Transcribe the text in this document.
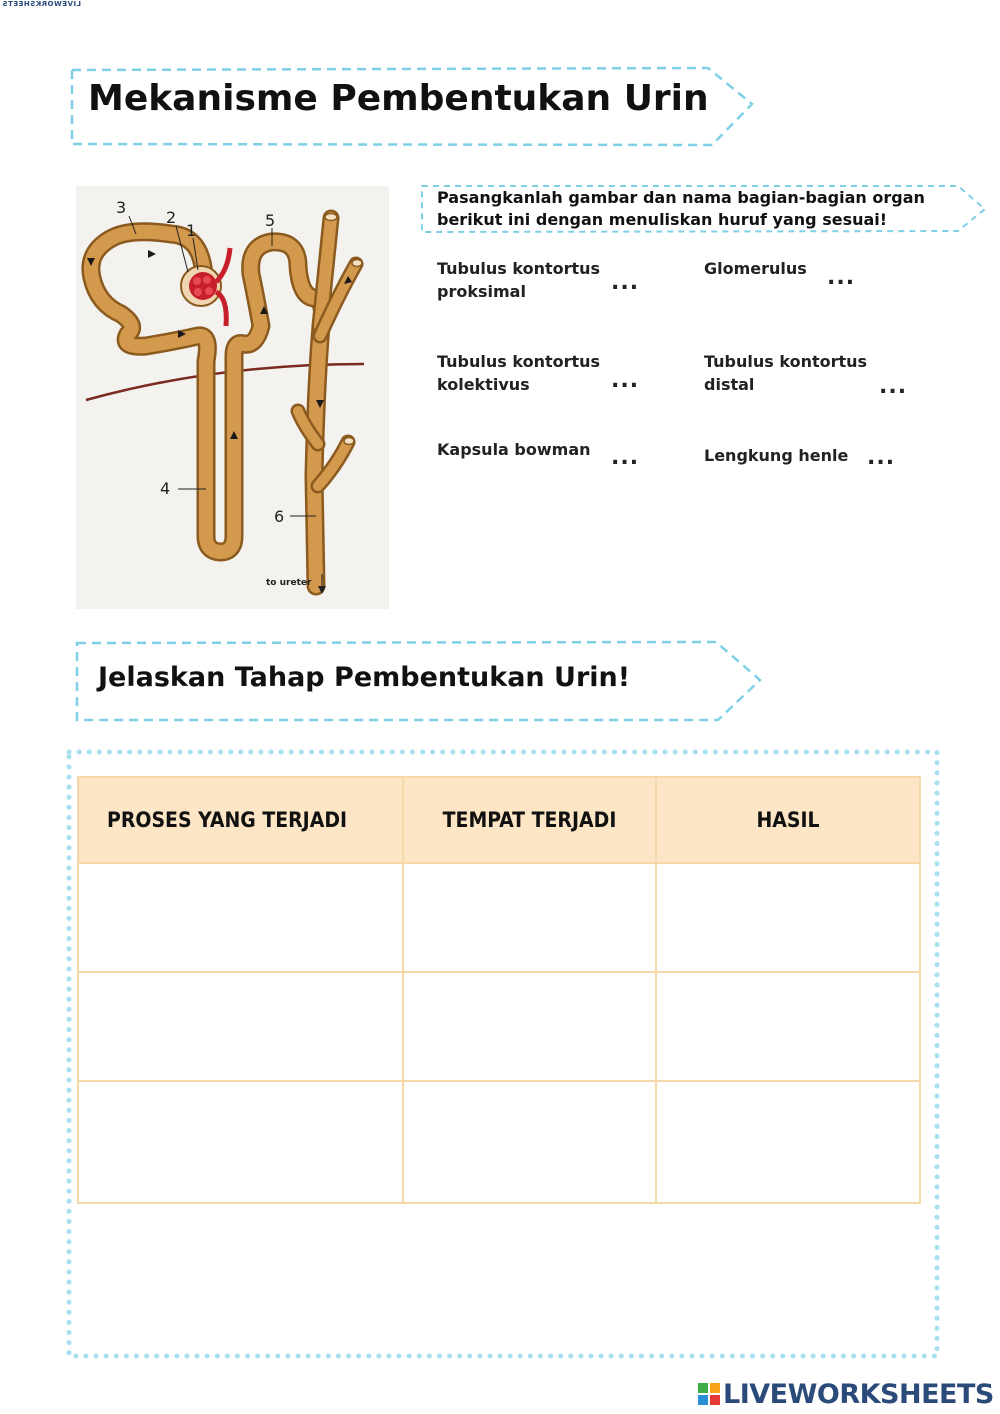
LIVEWORKSHEETS
Mekanisme Pembentukan Urin
3
2
1
5
4
6
to ureter
Pasangkanlah gambar dan nama bagian-bagian organ berikut ini dengan menuliskan huruf yang sesuai!
Tubulus kontortus proksimal	...
Glomerulus ...
Tubulus kontortus kolektivus	...
Tubulus kontortus distal	...
Kapsula bowman ...	Lengkung henle ...
Jelaskan Tahap Pembentukan Urin!
PROSES YANG TERJADI	TEMPAT TERJADI	HASIL

LIVEWORKSHEETS
